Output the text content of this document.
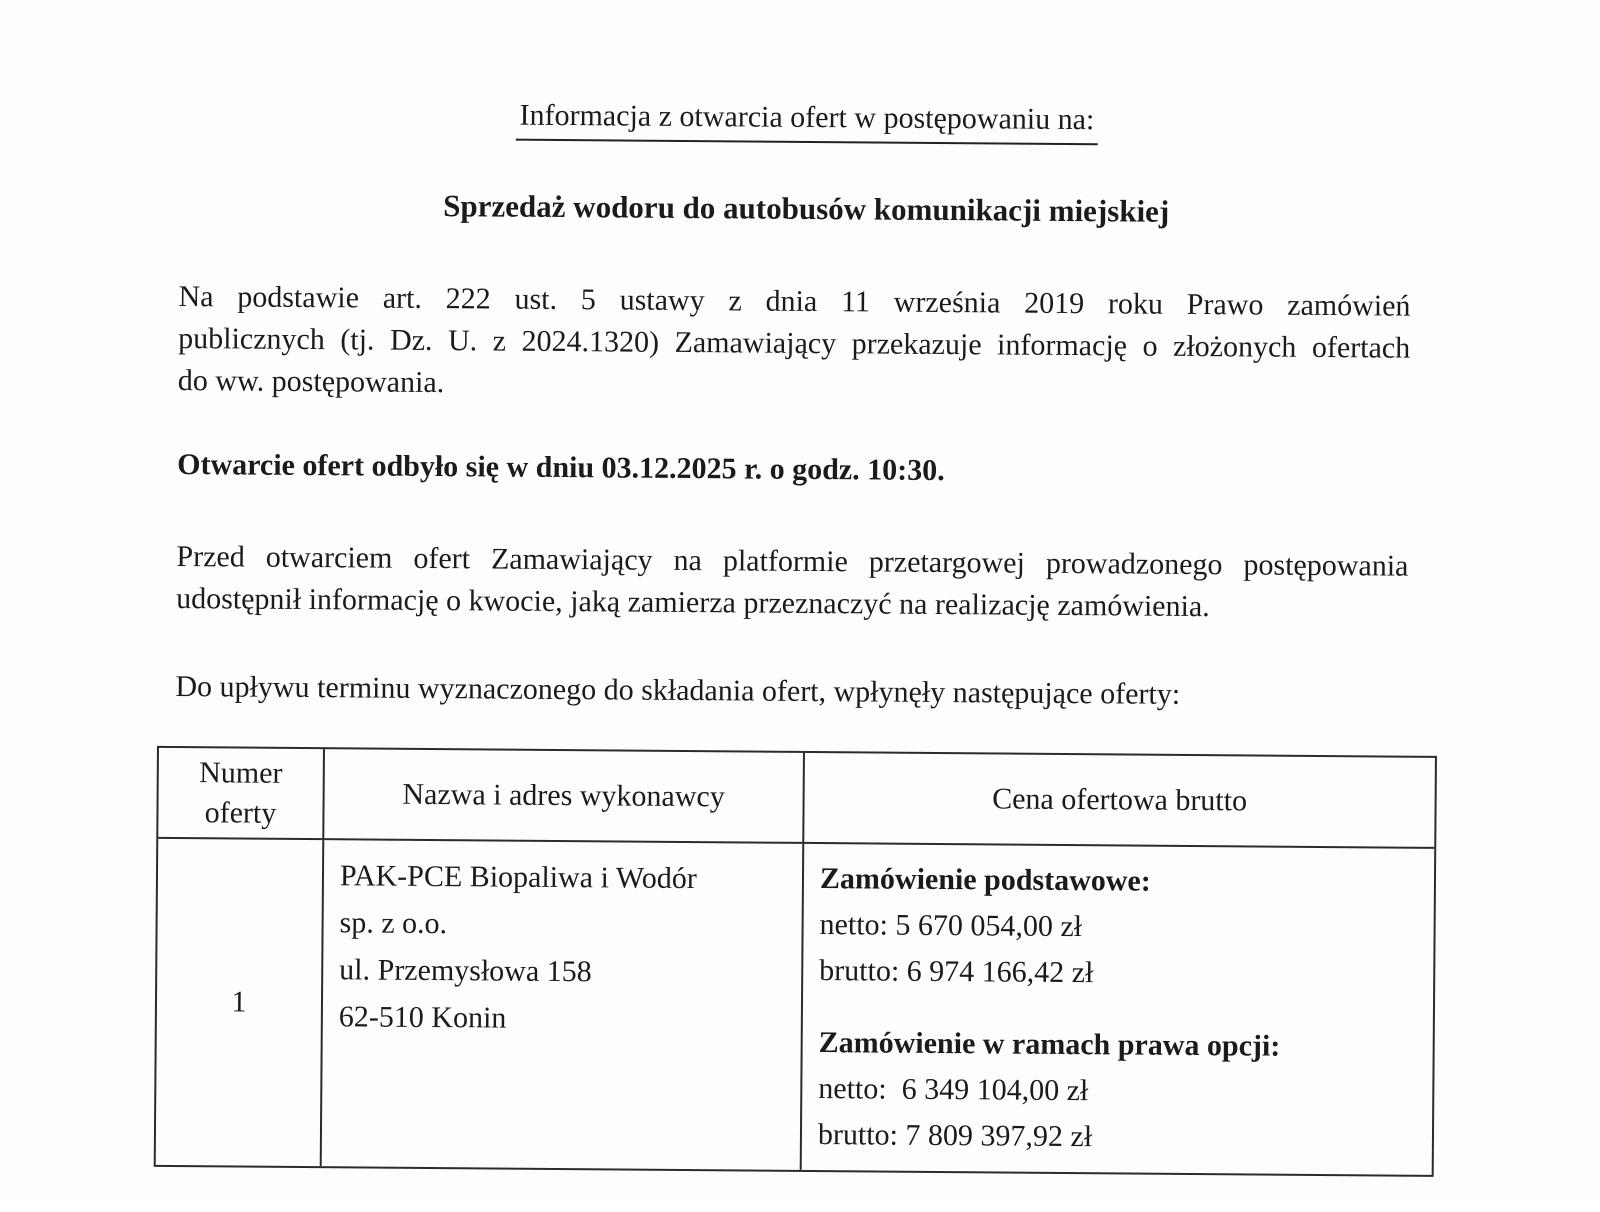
Informacja z otwarcia ofert w postępowaniu na:
Sprzedaż wodoru do autobusów komunikacji miejskiej
Na podstawie art. 222 ust. 5 ustawy z dnia 11 września 2019 roku Prawo zamówień
publicznych (tj. Dz. U. z 2024.1320) Zamawiający przekazuje informację o złożonych ofertach
do ww. postępowania.
Otwarcie ofert odbyło się w dniu 03.12.2025 r. o godz. 10:30.
Przed otwarciem ofert Zamawiający na platformie przetargowej prowadzonego postępowania
udostępnił informację o kwocie, jaką zamierza przeznaczyć na realizację zamówienia.
Do upływu terminu wyznaczonego do składania ofert, wpłynęły następujące oferty:
Numer oferty	Nazwa i adres wykonawcy	Cena ofertowa brutto
1
PAK-PCE Biopaliwa i Wodór
sp. z o.o.
ul. Przemysłowa 158
62-510 Konin
Zamówienie podstawowe:
netto: 5 670 054,00 zł
brutto: 6 974 166,42 zł
Zamówienie w ramach prawa opcji:
netto:  6 349 104,00 zł
brutto: 7 809 397,92 zł
